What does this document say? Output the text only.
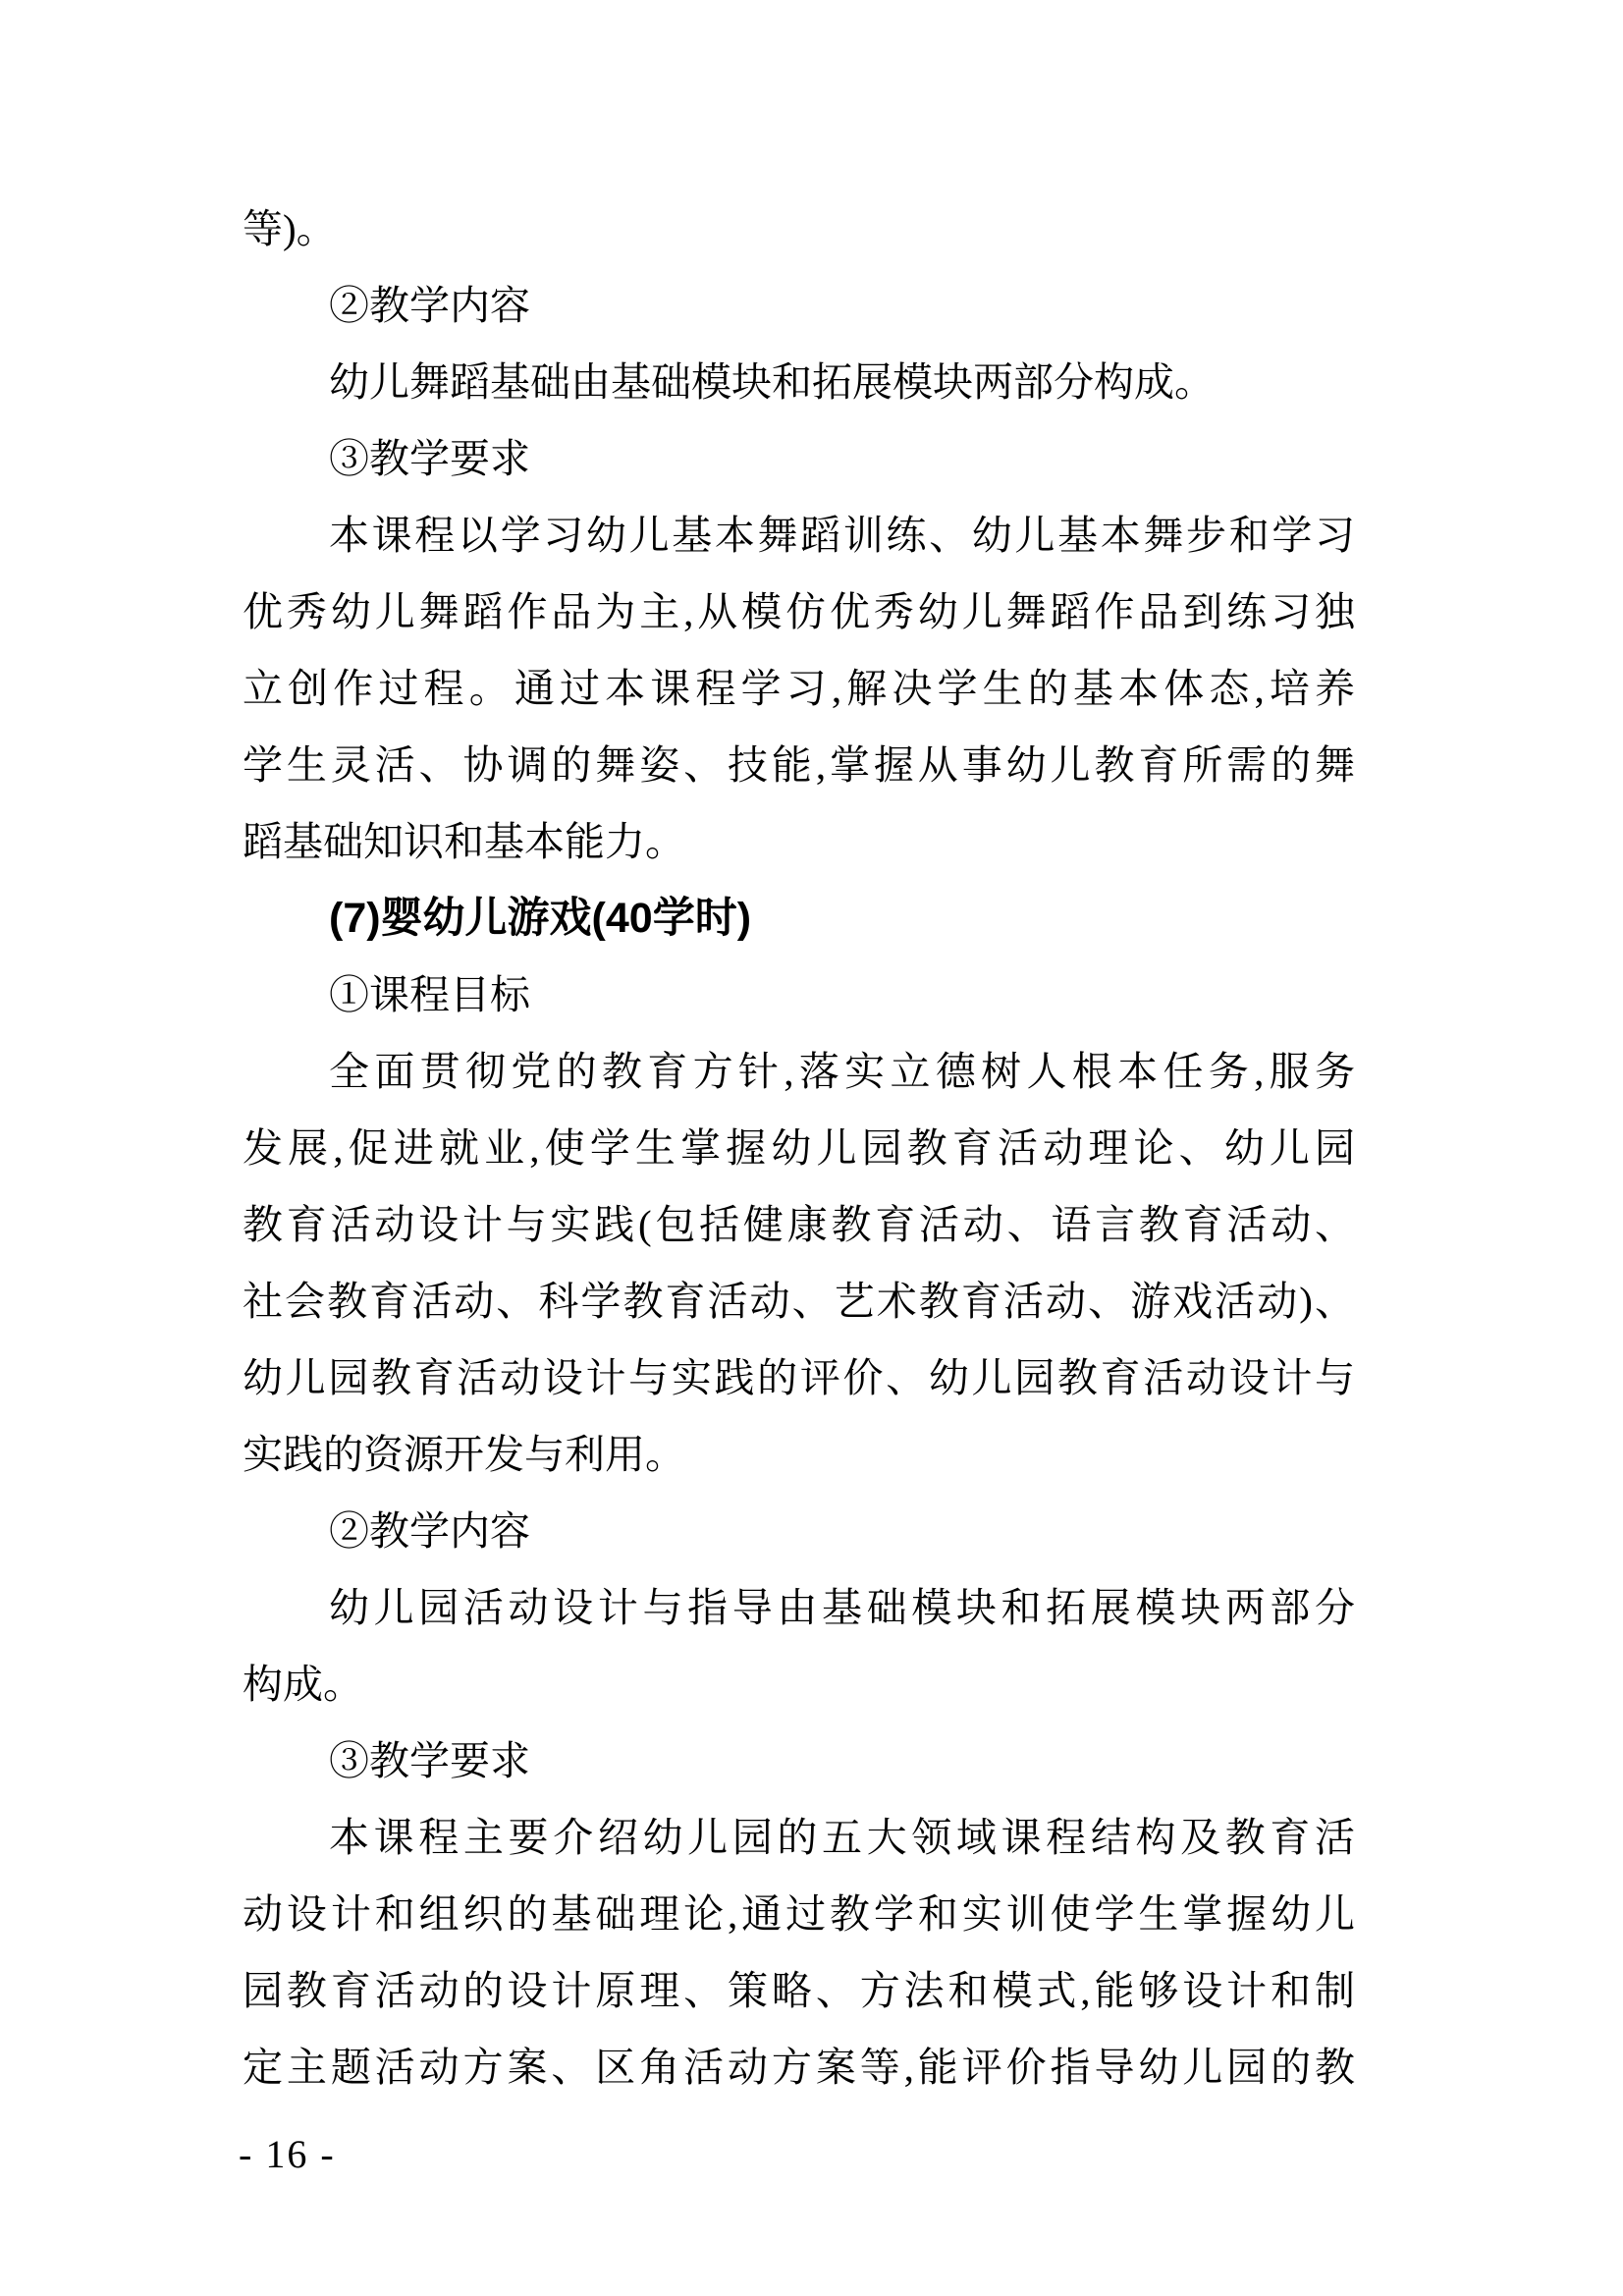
等)。
②教学内容
幼儿舞蹈基础由基础模块和拓展模块两部分构成。
③教学要求
本课程以学习幼儿基本舞蹈训练、幼儿基本舞步和学习
优秀幼儿舞蹈作品为主,从模仿优秀幼儿舞蹈作品到练习独
立创作过程。通过本课程学习,解决学生的基本体态,培养
学生灵活、协调的舞姿、技能,掌握从事幼儿教育所需的舞
蹈基础知识和基本能力。
(7)婴幼儿游戏(40学时)
①课程目标
全面贯彻党的教育方针,落实立德树人根本任务,服务
发展,促进就业,使学生掌握幼儿园教育活动理论、幼儿园
教育活动设计与实践(包括健康教育活动、语言教育活动、
社会教育活动、科学教育活动、艺术教育活动、游戏活动)、
幼儿园教育活动设计与实践的评价、幼儿园教育活动设计与
实践的资源开发与利用。
②教学内容
幼儿园活动设计与指导由基础模块和拓展模块两部分
构成。
③教学要求
本课程主要介绍幼儿园的五大领域课程结构及教育活
动设计和组织的基础理论,通过教学和实训使学生掌握幼儿
园教育活动的设计原理、策略、方法和模式,能够设计和制
定主题活动方案、区角活动方案等,能评价指导幼儿园的教
- 16 -
